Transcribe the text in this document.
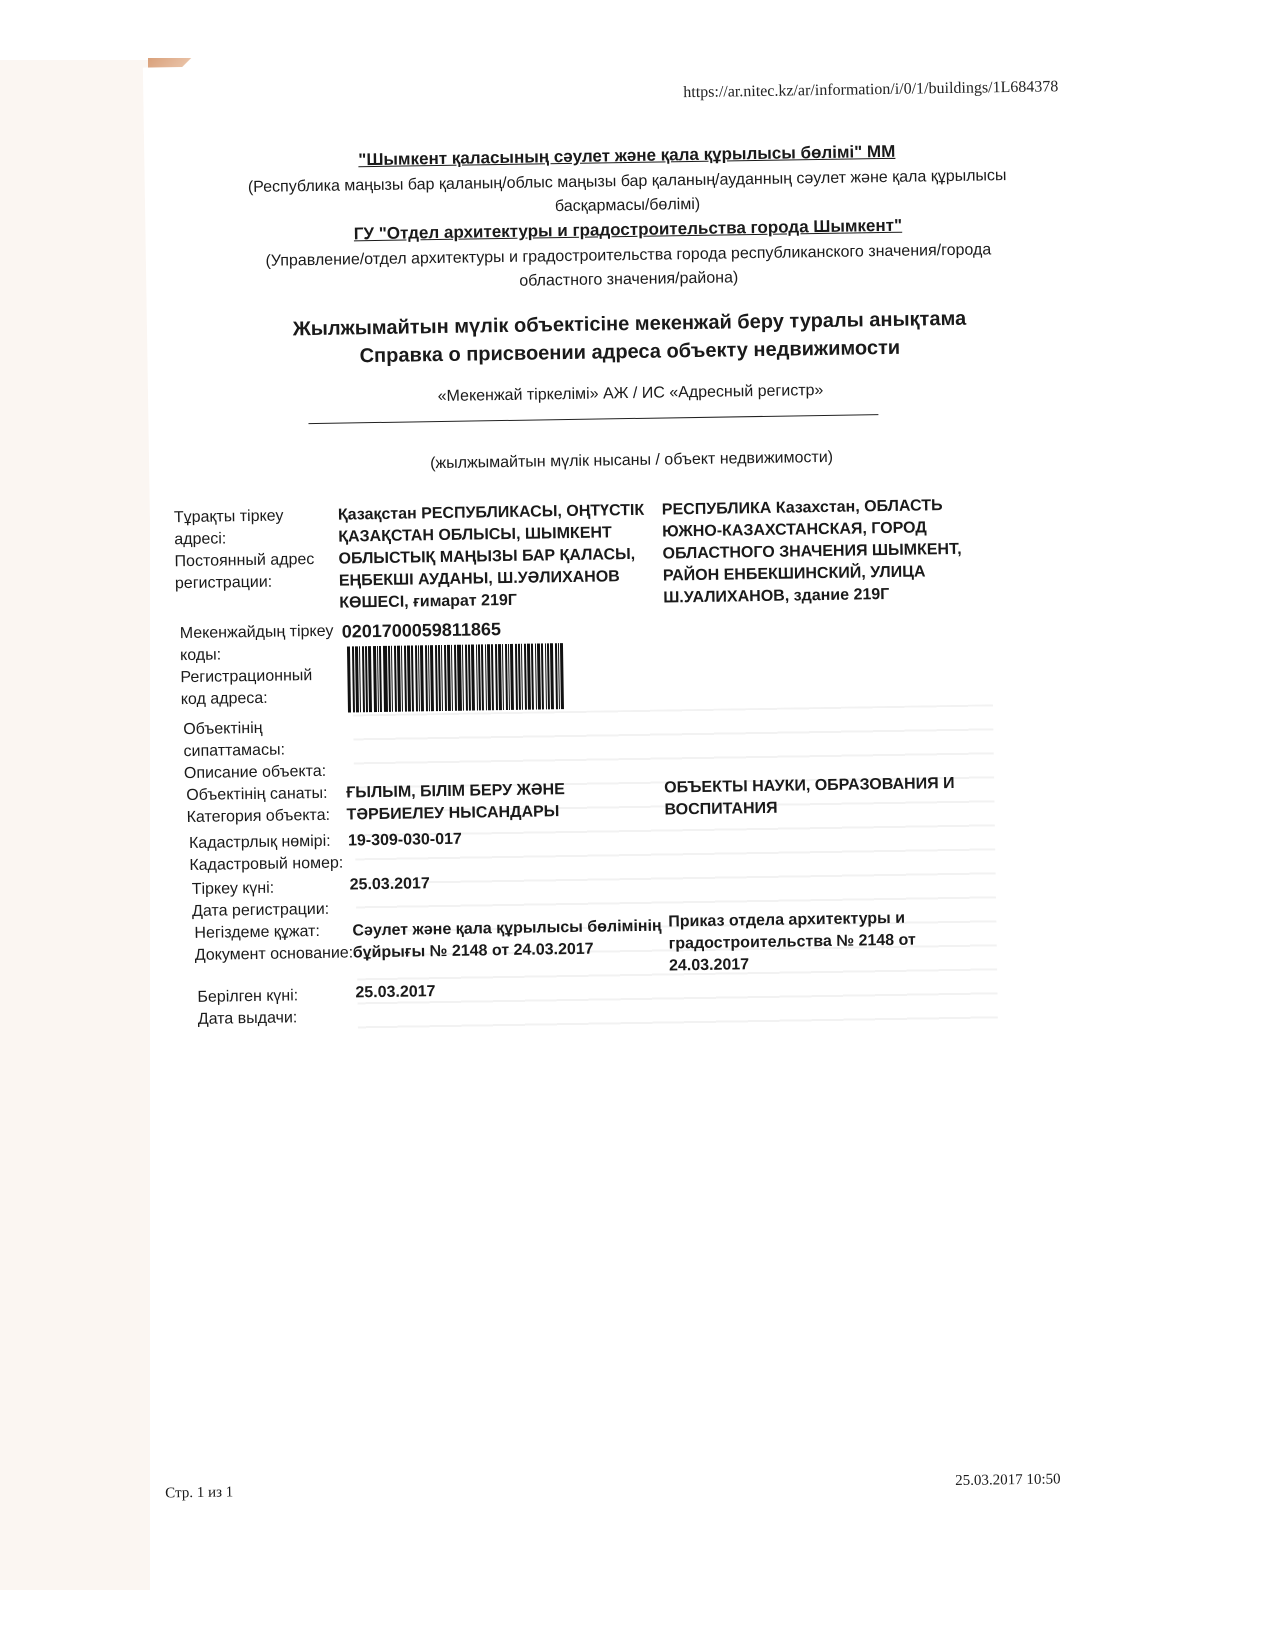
https://ar.nitec.kz/ar/information/i/0/1/buildings/1L684378
"Шымкент қаласының сәулет және қала құрылысы бөлімі" ММ
(Республика маңызы бар қаланың/облыс маңызы бар қаланың/ауданның сәулет және қала құрылысы
басқармасы/бөлімі)
ГУ "Отдел архитектуры и градостроительства города Шымкент"
(Управление/отдел архитектуры и градостроительства города республиканского значения/города
областного значения/района)
Жылжымайтын мүлік объектісіне мекенжай беру туралы анықтама
Справка о присвоении адреса объекту недвижимости
«Мекенжай тіркелімі» АЖ / ИС «Адресный регистр»
(жылжымайтын мүлік нысаны / объект недвижимости)
Тұрақты тіркеу
адресі:
Постоянный адрес
регистрации:
Қазақстан РЕСПУБЛИКАСЫ, ОҢТҮСТІК
ҚАЗАҚСТАН ОБЛЫСЫ, ШЫМКЕНТ
ОБЛЫСТЫҚ МАҢЫЗЫ БАР ҚАЛАСЫ,
ЕҢБЕКШІ АУДАНЫ, Ш.УӘЛИХАНОВ
КӨШЕСІ, ғимарат 219Г
РЕСПУБЛИКА Казахстан, ОБЛАСТЬ
ЮЖНО-КАЗАХСТАНСКАЯ, ГОРОД
ОБЛАСТНОГО ЗНАЧЕНИЯ ШЫМКЕНТ,
РАЙОН ЕНБЕКШИНСКИЙ, УЛИЦА
Ш.УАЛИХАНОВ, здание 219Г
Мекенжайдың тіркеу
коды:
Регистрационный
код адреса:
0201700059811865
Объектінің
сипаттамасы:
Описание объекта:
Объектінің санаты:
Категория объекта:
ҒЫЛЫМ, БІЛІМ БЕРУ ЖӘНЕ
ТӘРБИЕЛЕУ НЫСАНДАРЫ
ОБЪЕКТЫ НАУКИ, ОБРАЗОВАНИЯ И
ВОСПИТАНИЯ
Кадастрлық нөмірі:
Кадастровый номер:
19-309-030-017
Тіркеу күні:
Дата регистрации:
25.03.2017
Негіздеме құжат:
Документ основание:
Сәулет және қала құрылысы бөлімінің
бұйрығы № 2148 от 24.03.2017
Приказ отдела архитектуры и
градостроительства № 2148 от
24.03.2017
Берілген күні:
Дата выдачи:
25.03.2017
Стр. 1 из 1
25.03.2017 10:50
